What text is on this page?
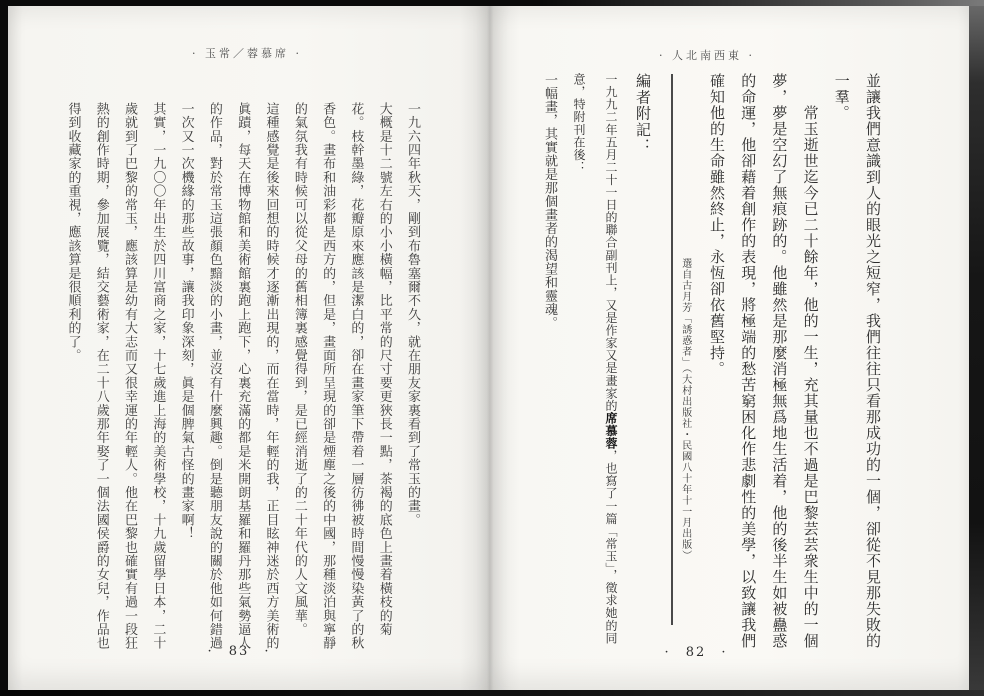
· 玉常／蓉慕席 ·	· 人北南西東 ·

一九六四年秋天，剛到布魯塞爾不久，就在朋友家裏看到了常玉的畫。

大概是十二號左右的小小橫幅，比平常的尺寸要更狹長一點，茶褐的底色上畫着橫枝的菊花。枝幹墨綠，花瓣原來應該是潔白的，卻在畫家筆下帶着一層彷彿被時間慢慢染黃了的秋香色。畫布和油彩都是西方的，但是，畫面所呈現的卻是煙塵之後的中國，那種淡泊與寧靜的氣氛我有時候可以從父母的舊相簿裏感覺得到，是已經消逝了的二十年代的人文風華。

這種感覺是後來回想的時候才逐漸出現的，而在當時，年輕的我，正目眩神迷於西方美術的眞蹟，每天在博物館和美術館裏跑上跑下，心裏充滿的都是米開朗基羅和羅丹那些氣勢逼人的作品，對於常玉這張顏色黯淡的小畫，並沒有什麼興趣。倒是聽朋友說的關於他如何錯過一次又一次機緣的那些故事，讓我印象深刻，眞是個脾氣古怪的畫家啊！

其實，一九〇〇年出生於四川富商之家，十七歲進上海的美術學校，十九歲留學日本，二十歲就到了巴黎的常玉，應該算是幼有大志而又很幸運的年輕人。他在巴黎也確實有過一段狂熱的創作時期，參加展覽，結交藝術家，在二十八歲那年娶了一個法國侯爵的女兒，作品也得到收藏家的重視，應該算是很順利的了。	並讓我們意識到人的眼光之短窄，我們往往只看那成功的一個，卻從不見那失敗的一羣。

常玉逝世迄今已二十餘年，他的一生，充其量也不過是巴黎芸芸衆生中的一個夢，夢是空幻了無痕跡的。他雖然是那麼消極無爲地生活着，他的後半生如被蠱惑的命運，他卻藉着創作的表現，將極端的愁苦窮困化作悲劇性的美學，以致讓我們確知他的生命雖然終止，永恆卻依舊堅持。

選自古月芳「誘惑者」（大村出版社・民國八十年十一月出版）

編者附記：

一九九二年五月二十一日的聯合副刊上，又是作家又是畫家的席慕蓉，也寫了一篇「常玉」，徵求她的同意，特附刊在後：

一幅畫，其實就是那個畫者的渴望和靈魂。

· 83 ·	· 82 ·
